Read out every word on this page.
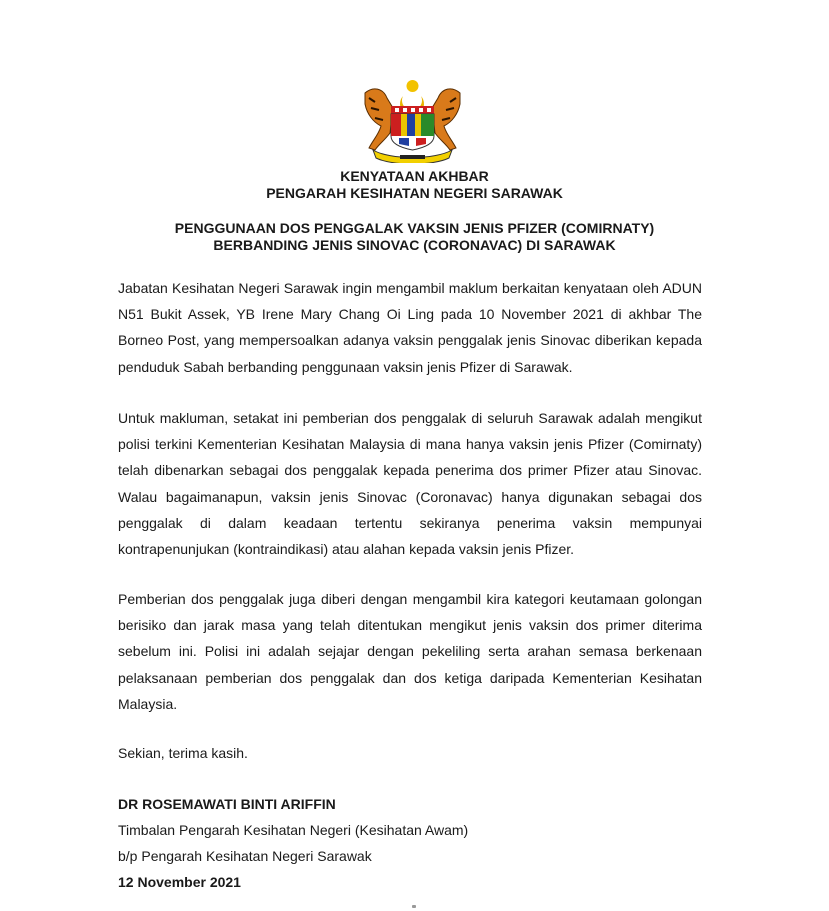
KENYATAAN AKHBAR
PENGARAH KESIHATAN NEGERI SARAWAK
PENGGUNAAN DOS PENGGALAK VAKSIN JENIS PFIZER (COMIRNATY)
BERBANDING JENIS SINOVAC (CORONAVAC) DI SARAWAK

Jabatan Kesihatan Negeri Sarawak ingin mengambil maklum berkaitan kenyataan oleh ADUN N51 Bukit Assek, YB Irene Mary Chang Oi Ling pada 10 November 2021 di akhbar The Borneo Post, yang mempersoalkan adanya vaksin penggalak jenis Sinovac diberikan kepada penduduk Sabah berbanding penggunaan vaksin jenis Pfizer di Sarawak.

Untuk makluman, setakat ini pemberian dos penggalak di seluruh Sarawak adalah mengikut polisi terkini Kementerian Kesihatan Malaysia di mana hanya vaksin jenis Pfizer (Comirnaty) telah dibenarkan sebagai dos penggalak kepada penerima dos primer Pfizer atau Sinovac. Walau bagaimanapun, vaksin jenis Sinovac (Coronavac) hanya digunakan sebagai dos penggalak di dalam keadaan tertentu sekiranya penerima vaksin mempunyai kontrapenunjukan (kontraindikasi) atau alahan kepada vaksin jenis Pfizer.

Pemberian dos penggalak juga diberi dengan mengambil kira kategori keutamaan golongan berisiko dan jarak masa yang telah ditentukan mengikut jenis vaksin dos primer diterima sebelum ini. Polisi ini adalah sejajar dengan pekeliling serta arahan semasa berkenaan pelaksanaan pemberian dos penggalak dan dos ketiga daripada Kementerian Kesihatan Malaysia.

Sekian, terima kasih.
DR ROSEMAWATI BINTI ARIFFIN
Timbalan Pengarah Kesihatan Negeri (Kesihatan Awam)
b/p Pengarah Kesihatan Negeri Sarawak
12 November 2021
